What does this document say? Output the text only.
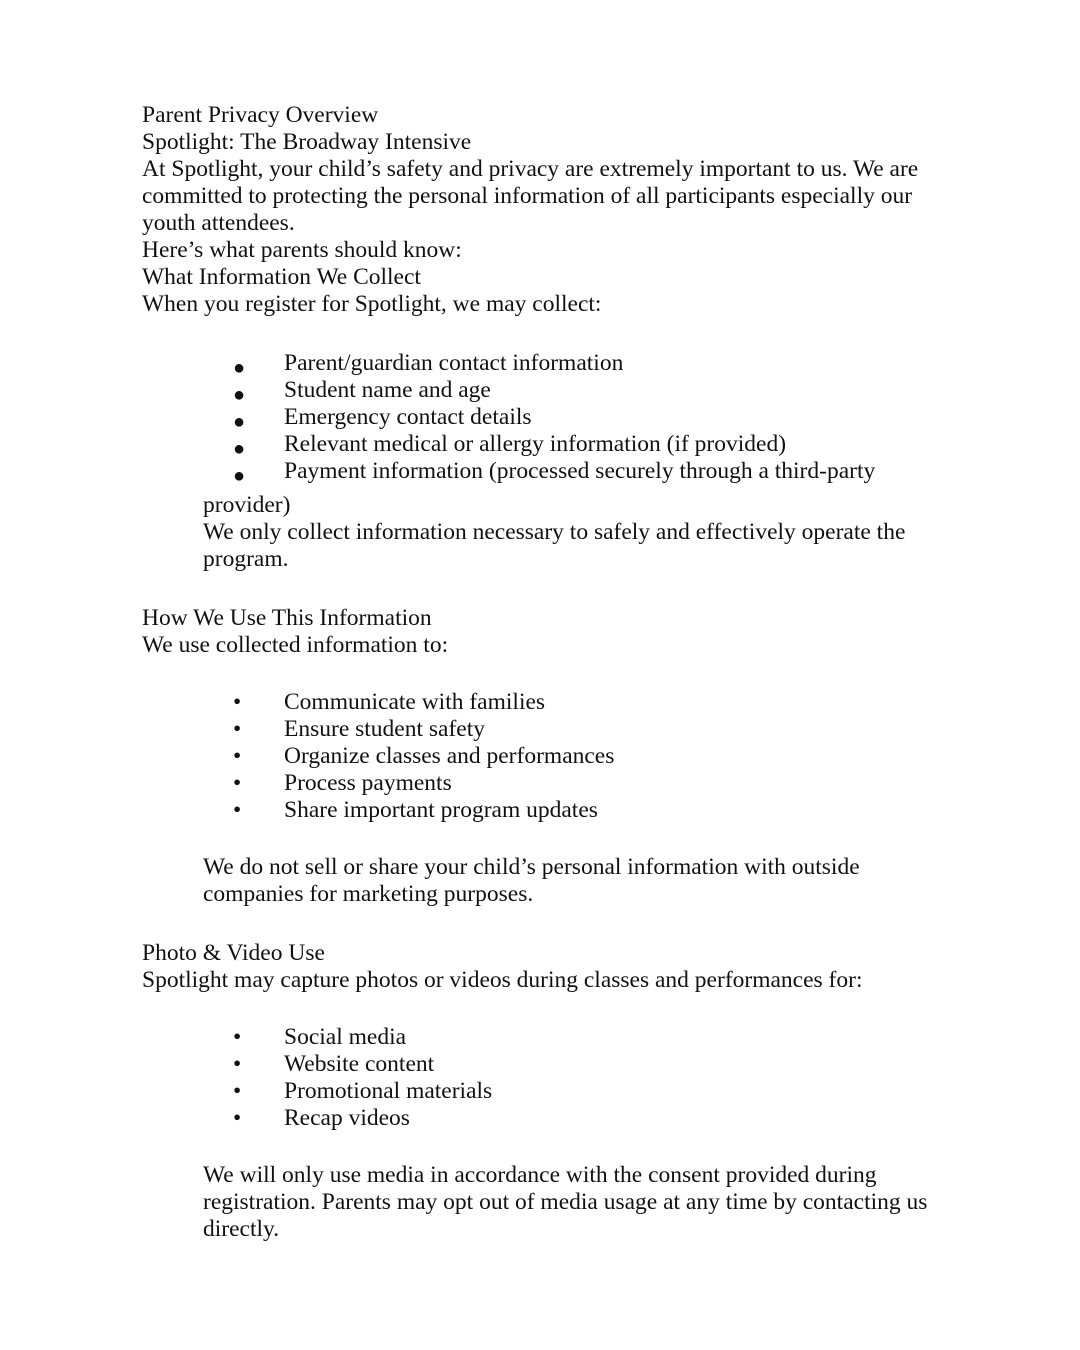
Parent Privacy Overview

Spotlight: The Broadway Intensive

At Spotlight, your child’s safety and privacy are extremely important to us. We are committed to protecting the personal information of all participants especially our youth attendees.

Here’s what parents should know:

What Information We Collect

When you register for Spotlight, we may collect:

● Parent/guardian contact information
● Student name and age
● Emergency contact details
● Relevant medical or allergy information (if provided)
● Payment information (processed securely through a third-party

provider)

We only collect information necessary to safely and effectively operate the program.

How We Use This Information

We use collected information to:

• Communicate with families
• Ensure student safety
• Organize classes and performances
• Process payments
• Share important program updates

We do not sell or share your child’s personal information with outside companies for marketing purposes.

Photo & Video Use

Spotlight may capture photos or videos during classes and performances for:

• Social media
• Website content
• Promotional materials
• Recap videos

We will only use media in accordance with the consent provided during registration. Parents may opt out of media usage at any time by contacting us directly.
